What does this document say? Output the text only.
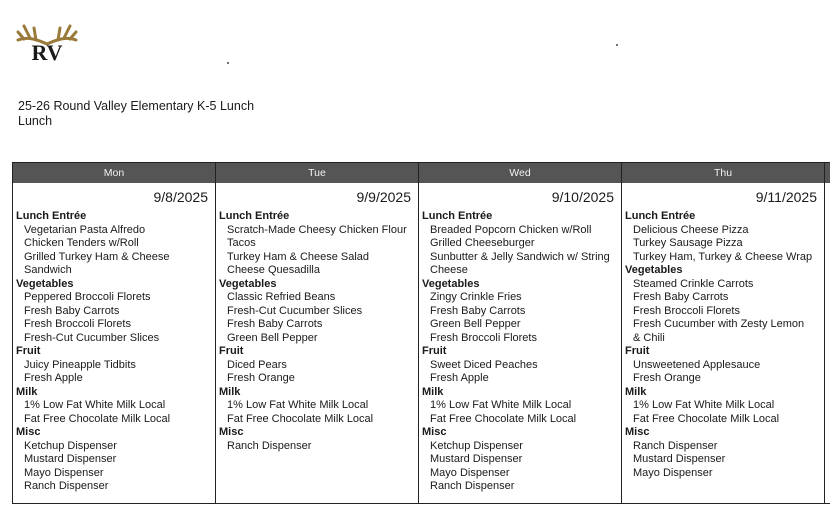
RV
25-26 Round Valley Elementary K-5 Lunch
Lunch
Mon
9/8/2025
Lunch Entrée
Vegetarian Pasta Alfredo
Chicken Tenders w/Roll
Grilled Turkey Ham & Cheese
Sandwich
Vegetables
Peppered Broccoli Florets
Fresh Baby Carrots
Fresh Broccoli Florets
Fresh-Cut Cucumber Slices
Fruit
Juicy Pineapple Tidbits
Fresh Apple
Milk
1% Low Fat White Milk Local
Fat Free Chocolate Milk Local
Misc
Ketchup Dispenser
Mustard Dispenser
Mayo Dispenser
Ranch Dispenser
Tue
9/9/2025
Lunch Entrée
Scratch-Made Cheesy Chicken Flour
Tacos
Turkey Ham & Cheese Salad
Cheese Quesadilla
Vegetables
Classic Refried Beans
Fresh-Cut Cucumber Slices
Fresh Baby Carrots
Green Bell Pepper
Fruit
Diced Pears
Fresh Orange
Milk
1% Low Fat White Milk Local
Fat Free Chocolate Milk Local
Misc
Ranch Dispenser
Wed
9/10/2025
Lunch Entrée
Breaded Popcorn Chicken w/Roll
Grilled Cheeseburger
Sunbutter & Jelly Sandwich w/ String
Cheese
Vegetables
Zingy Crinkle Fries
Fresh Baby Carrots
Green Bell Pepper
Fresh Broccoli Florets
Fruit
Sweet Diced Peaches
Fresh Apple
Milk
1% Low Fat White Milk Local
Fat Free Chocolate Milk Local
Misc
Ketchup Dispenser
Mustard Dispenser
Mayo Dispenser
Ranch Dispenser
Thu
9/11/2025
Lunch Entrée
Delicious Cheese Pizza
Turkey Sausage Pizza
Turkey Ham, Turkey & Cheese Wrap
Vegetables
Steamed Crinkle Carrots
Fresh Baby Carrots
Fresh Broccoli Florets
Fresh Cucumber with Zesty Lemon
& Chili
Fruit
Unsweetened Applesauce
Fresh Orange
Milk
1% Low Fat White Milk Local
Fat Free Chocolate Milk Local
Misc
Ranch Dispenser
Mustard Dispenser
Mayo Dispenser
